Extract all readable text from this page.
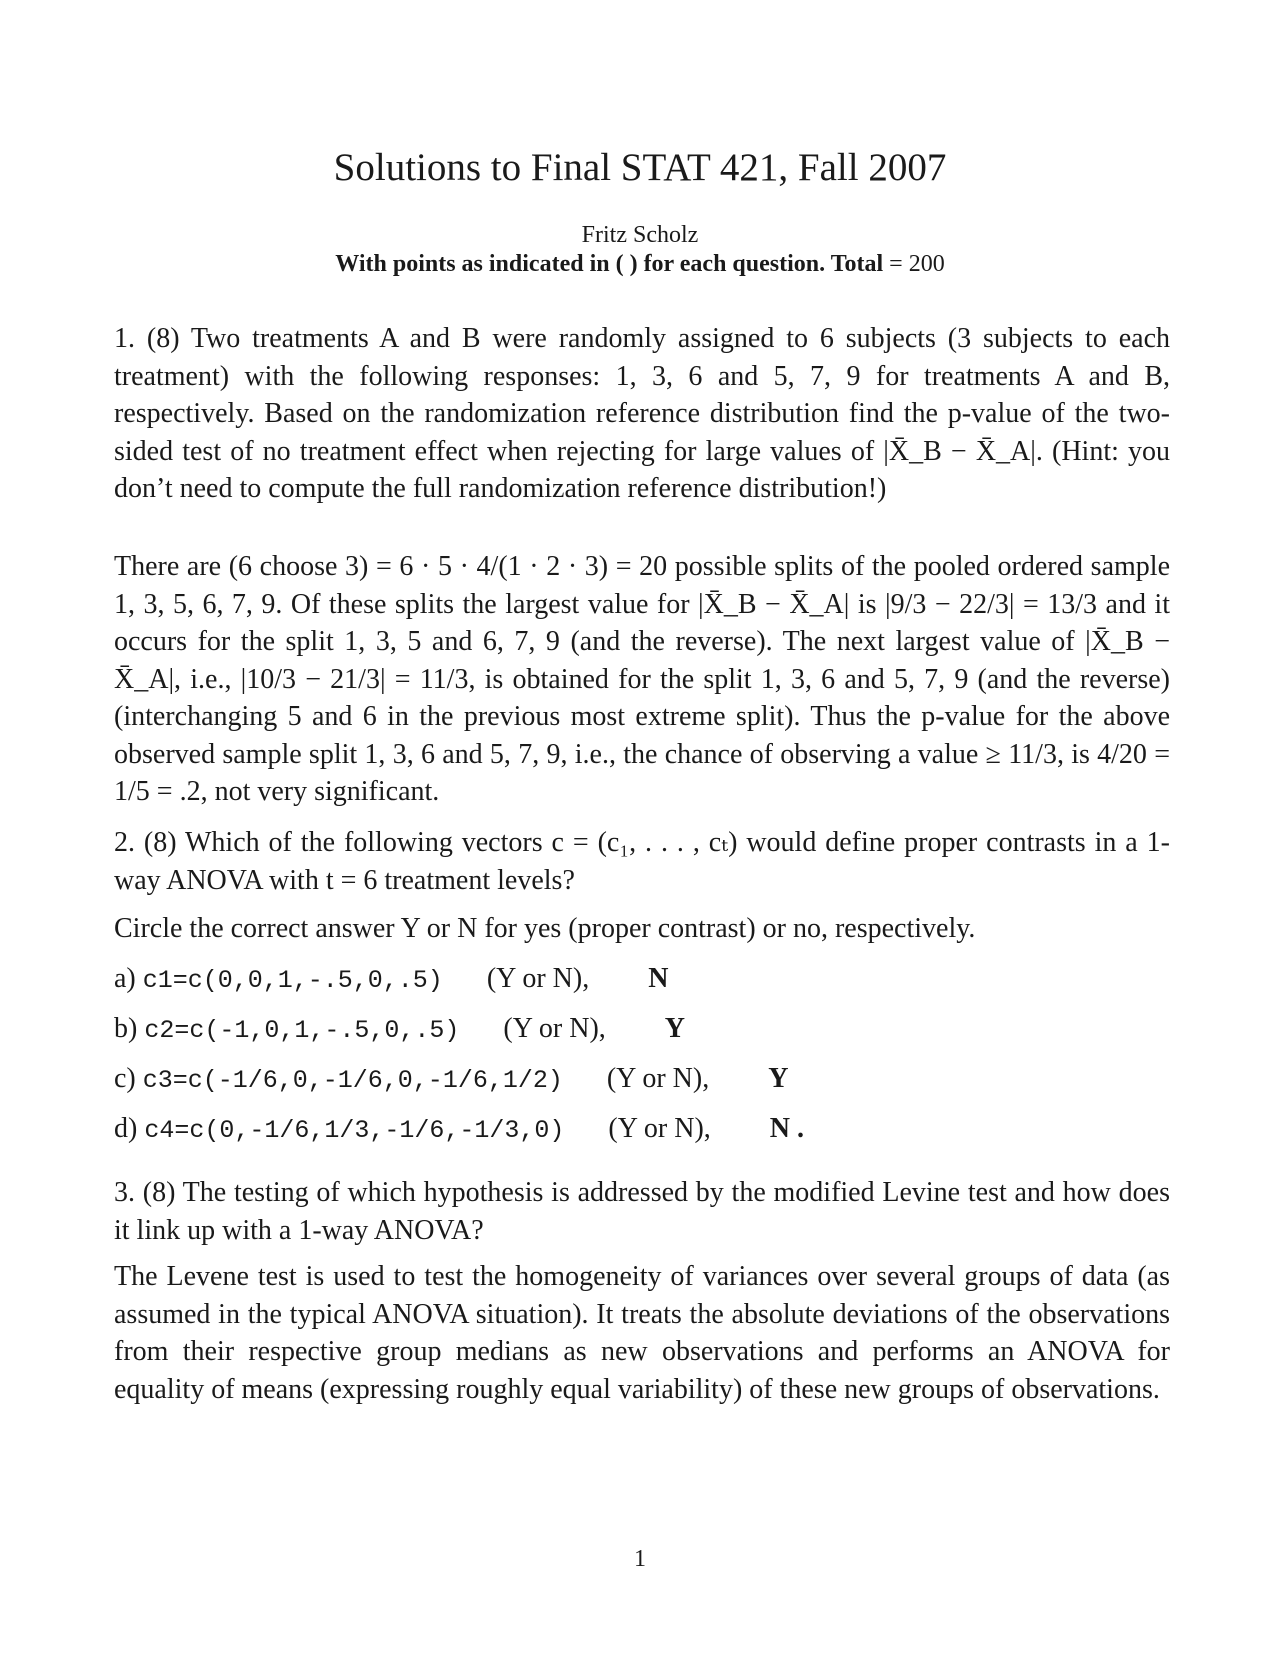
Solutions to Final STAT 421, Fall 2007
Fritz Scholz
With points as indicated in ( ) for each question. Total = 200
1. (8) Two treatments A and B were randomly assigned to 6 subjects (3 subjects to each treatment) with the following responses: 1, 3, 6 and 5, 7, 9 for treatments A and B, respectively. Based on the randomization reference distribution find the p-value of the two-sided test of no treatment effect when rejecting for large values of |X̄_B − X̄_A|. (Hint: you don’t need to compute the full randomization reference distribution!)
There are (6 choose 3) = 6 · 5 · 4/(1 · 2 · 3) = 20 possible splits of the pooled ordered sample 1, 3, 5, 6, 7, 9. Of these splits the largest value for |X̄_B − X̄_A| is |9/3 − 22/3| = 13/3 and it occurs for the split 1, 3, 5 and 6, 7, 9 (and the reverse). The next largest value of |X̄_B − X̄_A|, i.e., |10/3 − 21/3| = 11/3, is obtained for the split 1, 3, 6 and 5, 7, 9 (and the reverse) (interchanging 5 and 6 in the previous most extreme split). Thus the p-value for the above observed sample split 1, 3, 6 and 5, 7, 9, i.e., the chance of observing a value ≥ 11/3, is 4/20 = 1/5 = .2, not very significant.
2. (8) Which of the following vectors c = (c₁, . . . , cₜ) would define proper contrasts in a 1-way ANOVA with t = 6 treatment levels?
Circle the correct answer Y or N for yes (proper contrast) or no, respectively.
a) c1=c(0,0,1,-.5,0,.5) (Y or N), N
b) c2=c(-1,0,1,-.5,0,.5) (Y or N), Y
c) c3=c(-1/6,0,-1/6,0,-1/6,1/2) (Y or N), Y
d) c4=c(0,-1/6,1/3,-1/6,-1/3,0) (Y or N), N .
3. (8) The testing of which hypothesis is addressed by the modified Levine test and how does it link up with a 1-way ANOVA?
The Levene test is used to test the homogeneity of variances over several groups of data (as assumed in the typical ANOVA situation). It treats the absolute deviations of the observations from their respective group medians as new observations and performs an ANOVA for equality of means (expressing roughly equal variability) of these new groups of observations.
1
